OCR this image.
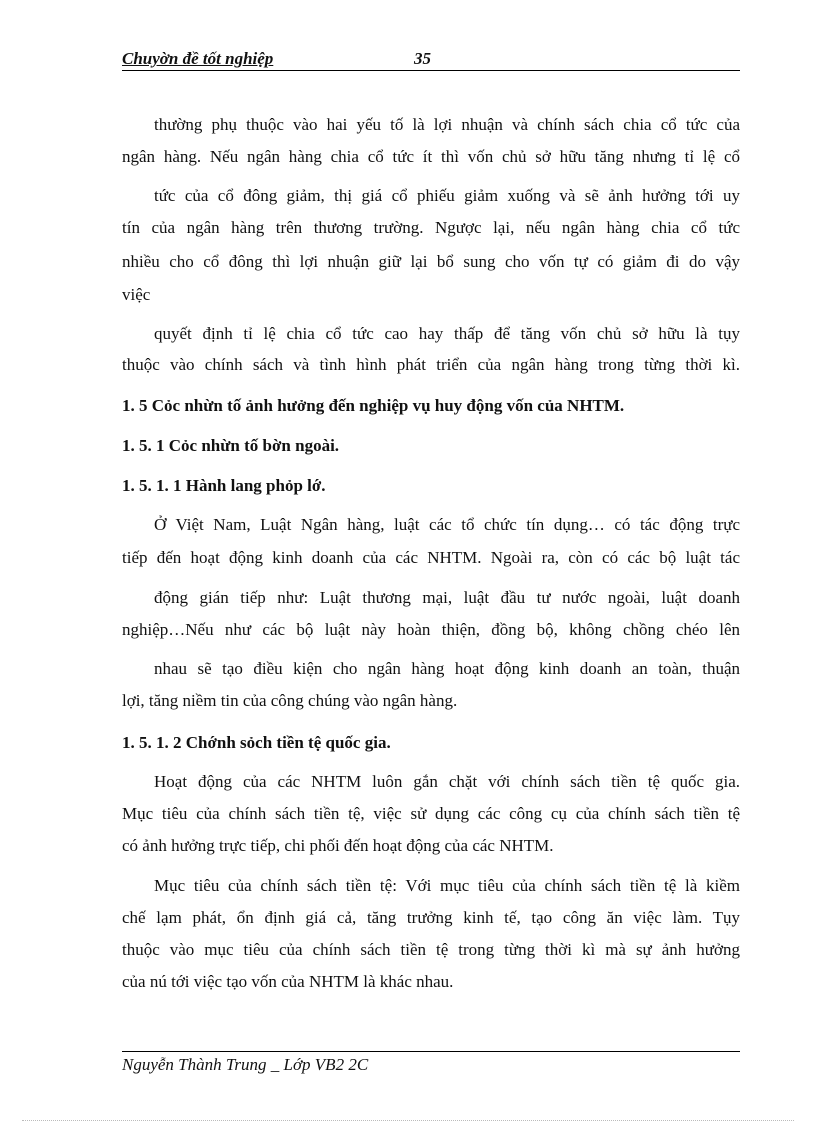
Chuyờn đề tốt nghiệp	35
thường phụ thuộc vào hai yếu tố là lợi nhuận và chính sách chia cổ tức của
ngân hàng. Nếu ngân hàng chia cổ tức ít thì vốn chủ sở hữu tăng nhưng tỉ lệ cổ
tức của cổ đông giảm, thị giá cổ phiếu giảm xuống và sẽ ảnh hưởng tới uy
tín của ngân hàng trên thương trường. Ngược lại, nếu ngân hàng chia cổ tức
nhiều cho cổ đông thì lợi nhuận giữ lại bổ sung cho vốn tự có giảm đi do vậy
việc
quyết định tỉ lệ chia cổ tức cao hay thấp để tăng vốn chủ sở hữu là tụy
thuộc vào chính sách và tình hình phát triển của ngân hàng trong từng thời kì.
1. 5 Cỏc nhừn tố ảnh hưởng đến nghiệp vụ huy động vốn của NHTM.
1. 5. 1 Cỏc nhừn tố bờn ngoài.
1. 5. 1. 1 Hành lang phỏp lớ.
Ở Việt Nam, Luật Ngân hàng, luật các tổ chức tín dụng… có tác động trực
tiếp đến hoạt động kinh doanh của các NHTM. Ngoài ra, còn có các bộ luật tác
động gián tiếp như: Luật thương mại, luật đầu tư nước ngoài, luật doanh
nghiệp…Nếu như các bộ luật này hoàn thiện, đồng bộ, không chồng chéo lên
nhau sẽ tạo điều kiện cho ngân hàng hoạt động kinh doanh an toàn, thuận
lợi, tăng niềm tin của công chúng vào ngân hàng.
1. 5. 1. 2 Chớnh sỏch tiền tệ quốc gia.
Hoạt động của các NHTM luôn gắn chặt với chính sách tiền tệ quốc gia.
Mục tiêu của chính sách tiền tệ, việc sử dụng các công cụ của chính sách tiền tệ
có ảnh hưởng trực tiếp, chi phối đến hoạt động của các NHTM.
Mục tiêu của chính sách tiền tệ: Với mục tiêu của chính sách tiền tệ là kiềm
chế lạm phát, ổn định giá cả, tăng trưởng kinh tế, tạo công ăn việc làm. Tụy
thuộc vào mục tiêu của chính sách tiền tệ trong từng thời kì mà sự ảnh hưởng
của nú tới việc tạo vốn của NHTM là khác nhau.
Nguyễn Thành Trung _ Lớp VB2 2C
